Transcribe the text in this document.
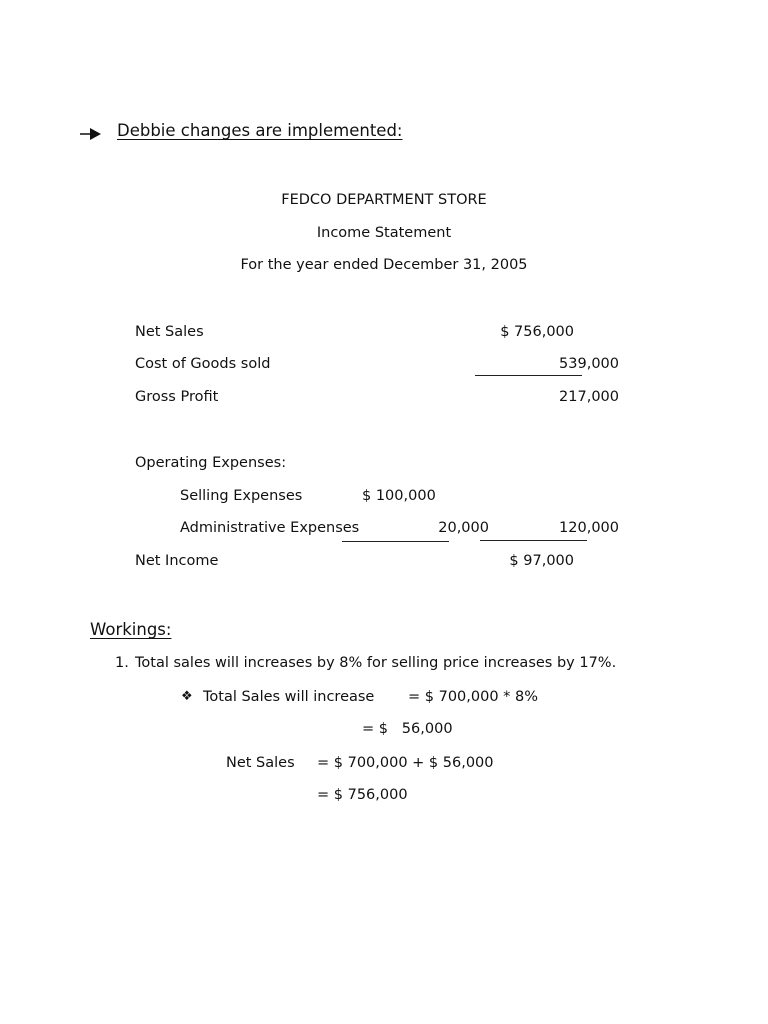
Debbie changes are implemented:
FEDCO DEPARTMENT STORE
Income Statement
For the year ended December 31, 2005
Net Sales	$ 756,000
Cost of Goods sold	539,000
Gross Profit	217,000
Operating Expenses:
Selling Expenses	$ 100,000
Administrative Expenses	20,000	120,000
Net Income	$ 97,000
Workings:
1. Total sales will increases by 8% for selling price increases by 17%.
❖ Total Sales will increase = $ 700,000 * 8%
= $   56,000
Net Sales = $ 700,000 + $ 56,000
= $ 756,000
